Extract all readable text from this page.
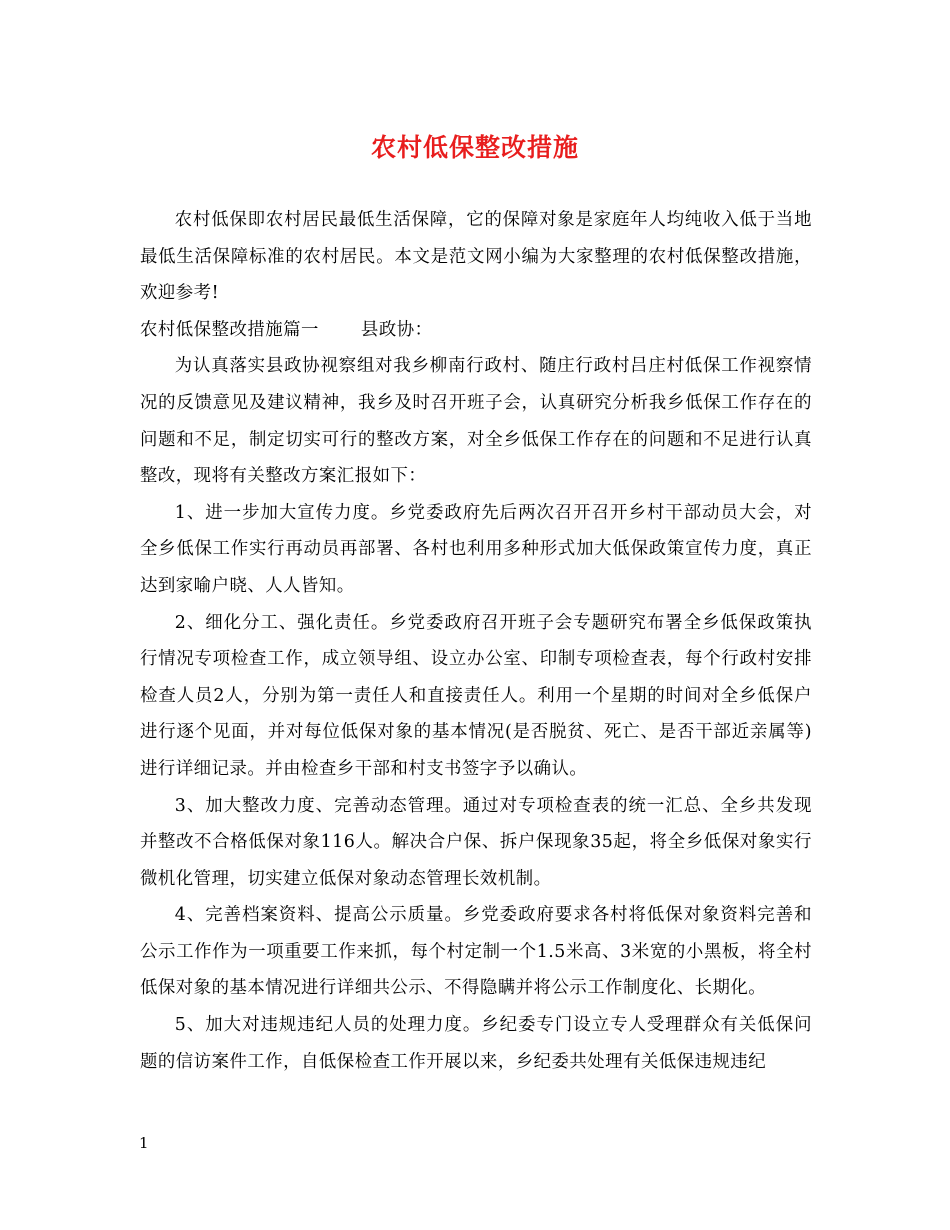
农村低保整改措施

农村低保即农村居民最低生活保障，它的保障对象是家庭年人均纯收入低于当地最低生活保障标准的农村居民。本文是范文网小编为大家整理的农村低保整改措施，欢迎参考!

农村低保整改措施篇一 县政协：

为认真落实县政协视察组对我乡柳南行政村、随庄行政村吕庄村低保工作视察情况的反馈意见及建议精神，我乡及时召开班子会，认真研究分析我乡低保工作存在的问题和不足，制定切实可行的整改方案，对全乡低保工作存在的问题和不足进行认真整改，现将有关整改方案汇报如下：

1、进一步加大宣传力度。乡党委政府先后两次召开召开乡村干部动员大会，对全乡低保工作实行再动员再部署、各村也利用多种形式加大低保政策宣传力度，真正达到家喻户晓、人人皆知。

2、细化分工、强化责任。乡党委政府召开班子会专题研究布署全乡低保政策执行情况专项检查工作，成立领导组、设立办公室、印制专项检查表，每个行政村安排检查人员2人，分别为第一责任人和直接责任人。利用一个星期的时间对全乡低保户进行逐个见面，并对每位低保对象的基本情况(是否脱贫、死亡、是否干部近亲属等)进行详细记录。并由检查乡干部和村支书签字予以确认。

3、加大整改力度、完善动态管理。通过对专项检查表的统一汇总、全乡共发现并整改不合格低保对象116人。解决合户保、拆户保现象35起，将全乡低保对象实行微机化管理，切实建立低保对象动态管理长效机制。

4、完善档案资料、提高公示质量。乡党委政府要求各村将低保对象资料完善和公示工作作为一项重要工作来抓，每个村定制一个1.5米高、3米宽的小黑板，将全村低保对象的基本情况进行详细共公示、不得隐瞒并将公示工作制度化、长期化。

5、加大对违规违纪人员的处理力度。乡纪委专门设立专人受理群众有关低保问题的信访案件工作，自低保检查工作开展以来，乡纪委共处理有关低保违规违纪

1
